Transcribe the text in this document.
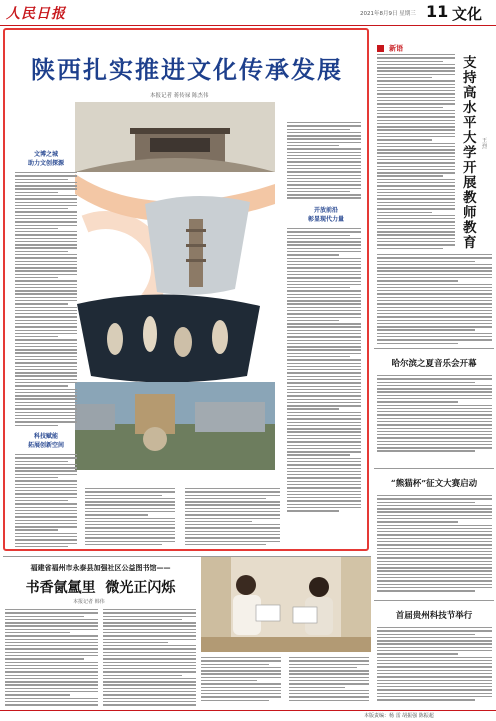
人民日报	2021年8月9日 星期三 11 文化
陕西扎实推进文化传承发展
本报记者 蒋传禄 陈杰伟
文博之城
助力文创探源
科技赋能
拓展创新空间
开放前沿
彰显现代力量
新语
支持高水平大学开展教师教育
王烈
哈尔滨之夏音乐会开幕
“熊猫杯”征文大赛启动
首届贵州科技节举行
福建省福州市永泰县加强社区公益图书馆——
书香氤氲里  微光正闪烁
本报记者 韩伟
本版责编：杨 雷 胡振强 陈振超
